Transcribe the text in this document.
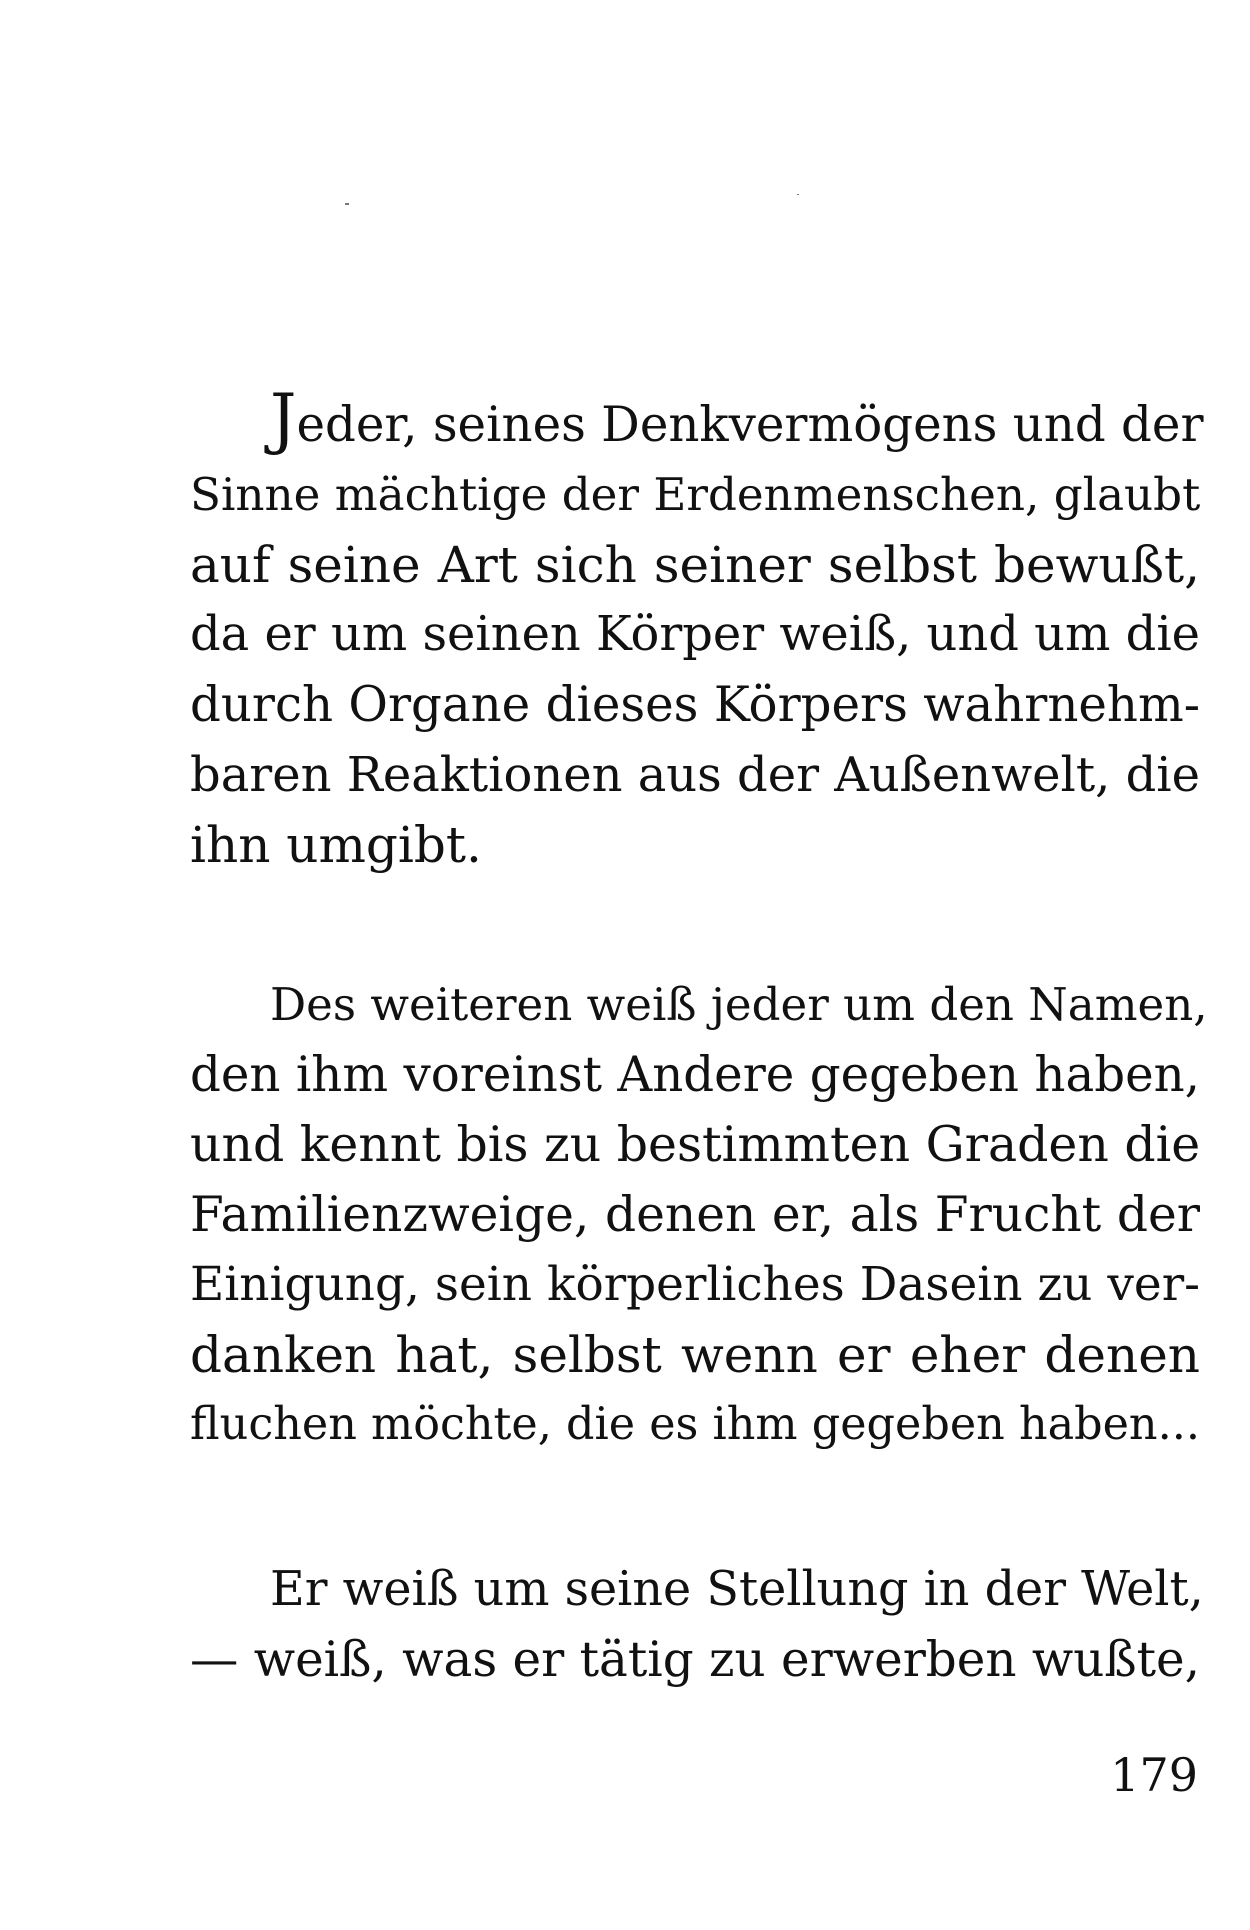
Jeder, seines Denkvermögens und der
Sinne mächtige der Erdenmenschen, glaubt
auf seine Art sich seiner selbst bewußt,
da er um seinen Körper weiß, und um die
durch Organe dieses Körpers wahrnehm-
baren Reaktionen aus der Außenwelt, die
ihn umgibt.
Des weiteren weiß jeder um den Namen,
den ihm voreinst Andere gegeben haben,
und kennt bis zu bestimmten Graden die
Familienzweige, denen er, als Frucht der
Einigung, sein körperliches Dasein zu ver-
danken hat, selbst wenn er eher denen
fluchen möchte, die es ihm gegeben haben...
Er weiß um seine Stellung in der Welt,
— weiß, was er tätig zu erwerben wußte,
179
